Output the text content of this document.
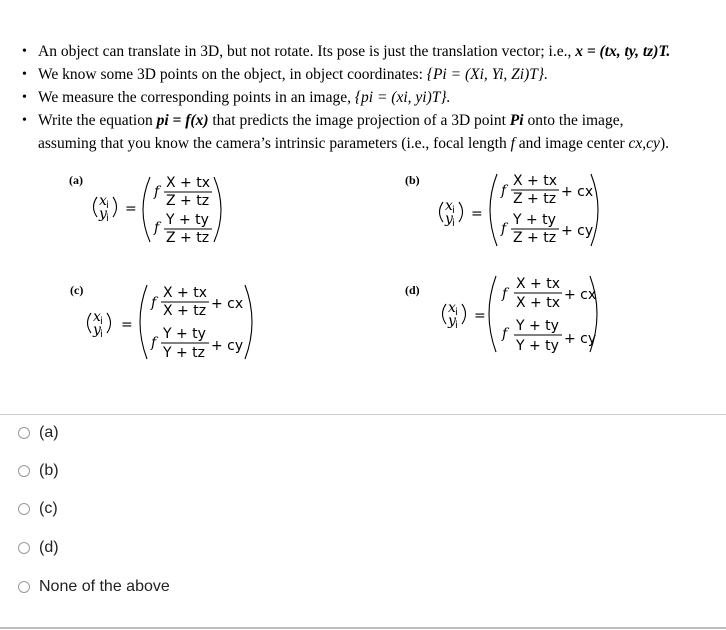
• An object can translate in 3D, but not rotate. Its pose is just the translation vector; i.e., x = (tx, ty, tz)T.
• We know some 3D points on the object, in object coordinates: {Pi = (Xi, Yi, Zi)T}.
• We measure the corresponding points in an image, {pi = (xi, yi)T}.
• Write the equation pi = f(x) that predicts the image projection of a 3D point Pi onto the image,
assuming that you know the camera’s intrinsic parameters (i.e., focal length f and image center cx,cy).
(a)
x i
y i
=
f
X + tx
Z + tz
f Y + ty
Z + tz
(b)
x i
y i
=
f
X + tx
Z + tz + cx
f
Y + ty
Z + tz + cy
(c)
x i
y i
=
f
X + tx
X + tz + cx
f
Y + ty
Y + tz + cy
(d)
x i
y i
=
f
X + tx
X + tx + cx
f Y + ty
Y + ty + cy
(a)
(b)
(c)
(d)
None of the above
